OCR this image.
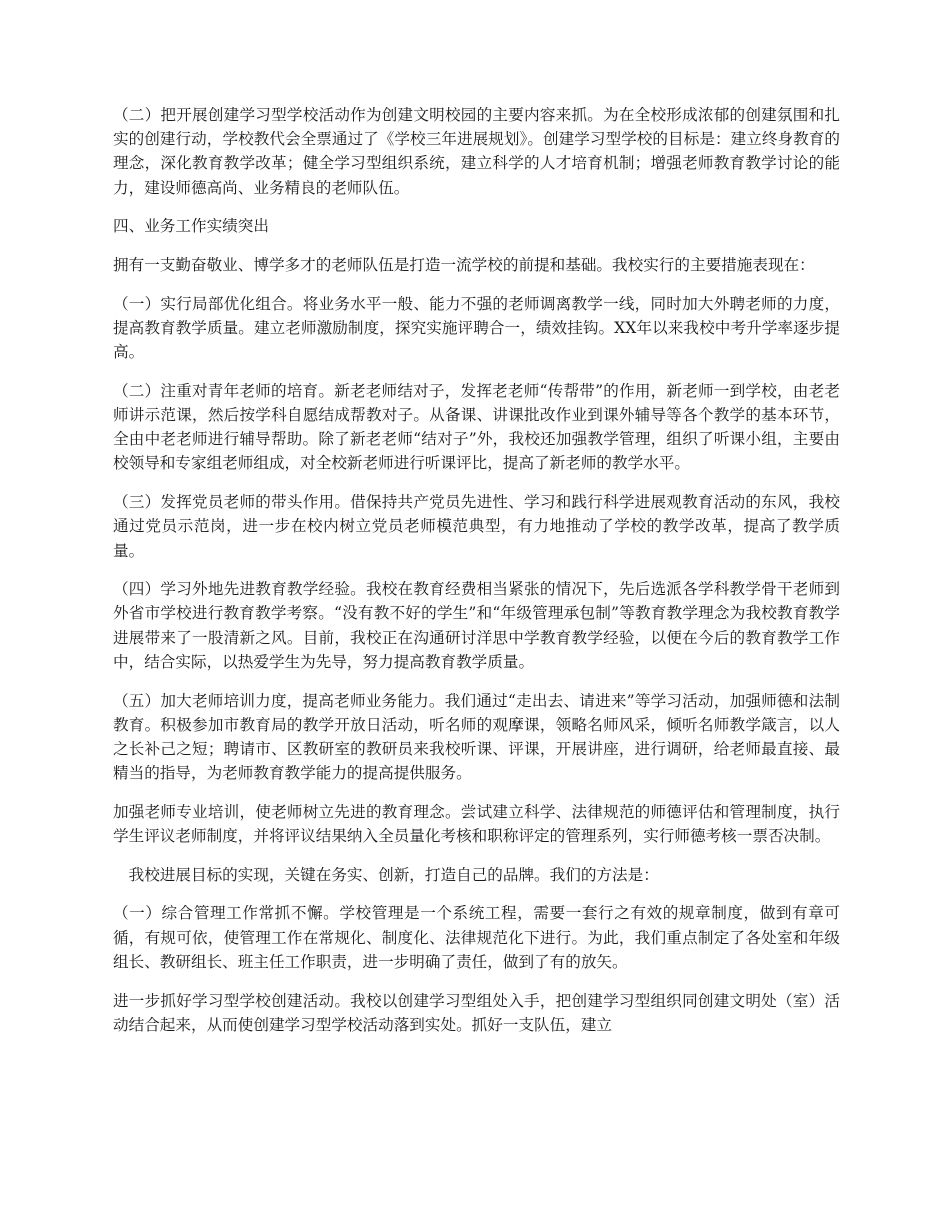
（二）把开展创建学习型学校活动作为创建文明校园的主要内容来抓。为在全校形成浓郁的创建氛围和扎实的创建行动，学校教代会全票通过了《学校三年进展规划》。创建学习型学校的目标是：建立终身教育的理念，深化教育教学改革；健全学习型组织系统，建立科学的人才培育机制；增强老师教育教学讨论的能力，建设师德高尚、业务精良的老师队伍。

四、业务工作实绩突出

拥有一支勤奋敬业、博学多才的老师队伍是打造一流学校的前提和基础。我校实行的主要措施表现在：

（一）实行局部优化组合。将业务水平一般、能力不强的老师调离教学一线，同时加大外聘老师的力度，提高教育教学质量。建立老师激励制度，探究实施评聘合一，绩效挂钩。XX年以来我校中考升学率逐步提高。

（二）注重对青年老师的培育。新老老师结对子，发挥老老师“传帮带”的作用，新老师一到学校，由老老师讲示范课，然后按学科自愿结成帮教对子。从备课、讲课批改作业到课外辅导等各个教学的基本环节，全由中老老师进行辅导帮助。除了新老老师“结对子”外，我校还加强教学管理，组织了听课小组，主要由校领导和专家组老师组成，对全校新老师进行听课评比，提高了新老师的教学水平。

（三）发挥党员老师的带头作用。借保持共产党员先进性、学习和践行科学进展观教育活动的东风，我校通过党员示范岗，进一步在校内树立党员老师模范典型，有力地推动了学校的教学改革，提高了教学质量。

（四）学习外地先进教育教学经验。我校在教育经费相当紧张的情况下，先后选派各学科教学骨干老师到外省市学校进行教育教学考察。“没有教不好的学生”和“年级管理承包制”等教育教学理念为我校教育教学进展带来了一股清新之风。目前，我校正在沟通研讨洋思中学教育教学经验，以便在今后的教育教学工作中，结合实际，以热爱学生为先导，努力提高教育教学质量。

（五）加大老师培训力度，提高老师业务能力。我们通过“走出去、请进来”等学习活动，加强师德和法制教育。积极参加市教育局的教学开放日活动，听名师的观摩课，领略名师风采，倾听名师教学箴言，以人之长补己之短；聘请市、区教研室的教研员来我校听课、评课，开展讲座，进行调研，给老师最直接、最精当的指导，为老师教育教学能力的提高提供服务。

加强老师专业培训，使老师树立先进的教育理念。尝试建立科学、法律规范的师德评估和管理制度，执行学生评议老师制度，并将评议结果纳入全员量化考核和职称评定的管理系列，实行师德考核一票否决制。

我校进展目标的实现，关键在务实、创新，打造自己的品牌。我们的方法是：

（一）综合管理工作常抓不懈。学校管理是一个系统工程，需要一套行之有效的规章制度，做到有章可循，有规可依，使管理工作在常规化、制度化、法律规范化下进行。为此，我们重点制定了各处室和年级组长、教研组长、班主任工作职责，进一步明确了责任，做到了有的放矢。

进一步抓好学习型学校创建活动。我校以创建学习型组处入手，把创建学习型组织同创建文明处（室）活动结合起来，从而使创建学习型学校活动落到实处。抓好一支队伍，建立
